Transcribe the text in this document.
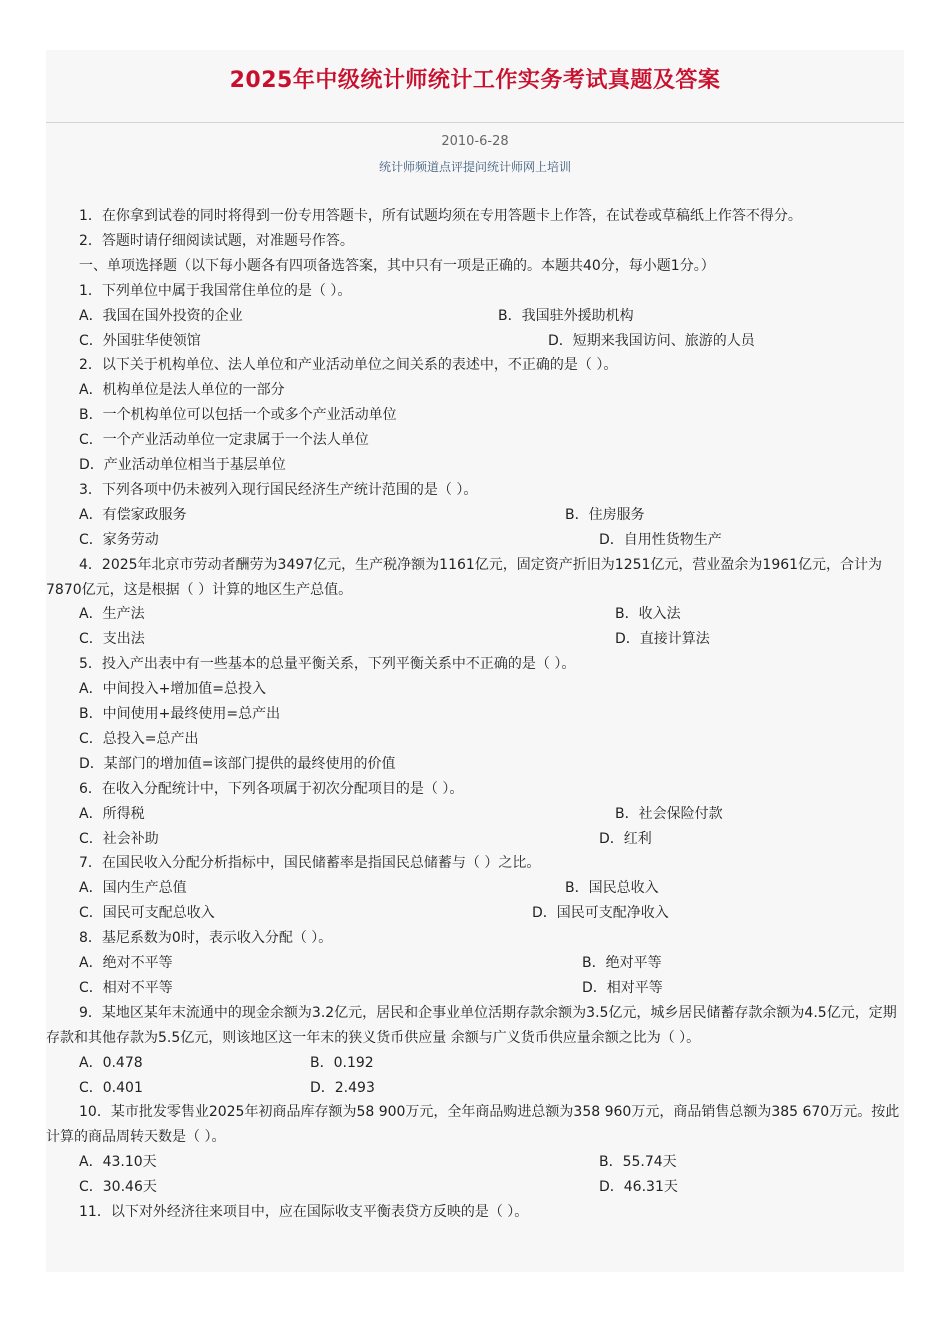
2025年中级统计师统计工作实务考试真题及答案
2010-6-28
统计师频道点评提问统计师网上培训

1．在你拿到试卷的同时将得到一份专用答题卡，所有试题均须在专用答题卡上作答，在试卷或草稿纸上作答不得分。

2．答题时请仔细阅读试题，对准题号作答。

一、单项选择题（以下每小题各有四项备选答案，其中只有一项是正确的。本题共40分，每小题1分。）

1．下列单位中属于我国常住单位的是（ ）。

A．我国在国外投资的企业	B．我国驻外援助机构
C．外国驻华使领馆	D．短期来我国访问、旅游的人员

2．以下关于机构单位、法人单位和产业活动单位之间关系的表述中，不正确的是（ ）。

A．机构单位是法人单位的一部分

B．一个机构单位可以包括一个或多个产业活动单位

C．一个产业活动单位一定隶属于一个法人单位

D．产业活动单位相当于基层单位

3．下列各项中仍未被列入现行国民经济生产统计范围的是（ ）。

A．有偿家政服务	B．住房服务
C．家务劳动	D．自用性货物生产

4．2025年北京市劳动者酬劳为3497亿元，生产税净额为1161亿元，固定资产折旧为1251亿元，营业盈余为1961亿元，合计为7870亿元，这是根据（ ）计算的地区生产总值。

A．生产法	B．收入法
C．支出法	D．直接计算法

5．投入产出表中有一些基本的总量平衡关系，下列平衡关系中不正确的是（ ）。

A．中间投入+增加值=总投入

B．中间使用+最终使用=总产出

C．总投入=总产出

D．某部门的增加值=该部门提供的最终使用的价值

6．在收入分配统计中，下列各项属于初次分配项目的是（ ）。

A．所得税	B．社会保险付款
C．社会补助	D．红利

7．在国民收入分配分析指标中，国民储蓄率是指国民总储蓄与（ ）之比。

A．国内生产总值	B．国民总收入
C．国民可支配总收入	D．国民可支配净收入

8．基尼系数为0时，表示收入分配（ ）。

A．绝对不平等	B．绝对平等
C．相对不平等	D．相对平等

9．某地区某年末流通中的现金余额为3.2亿元，居民和企事业单位活期存款余额为3.5亿元，城乡居民储蓄存款余额为4.5亿元，定期存款和其他存款为5.5亿元，则该地区这一年末的狭义货币供应量 余额与广义货币供应量余额之比为（ ）。

A．0.478	B．0.192
C．0.401	D．2.493

10．某市批发零售业2025年初商品库存额为58 900万元，全年商品购进总额为358 960万元，商品销售总额为385 670万元。按此计算的商品周转天数是（ ）。

A．43.10天	B．55.74天
C．30.46天	D．46.31天

11．以下对外经济往来项目中，应在国际收支平衡表贷方反映的是（ ）。
